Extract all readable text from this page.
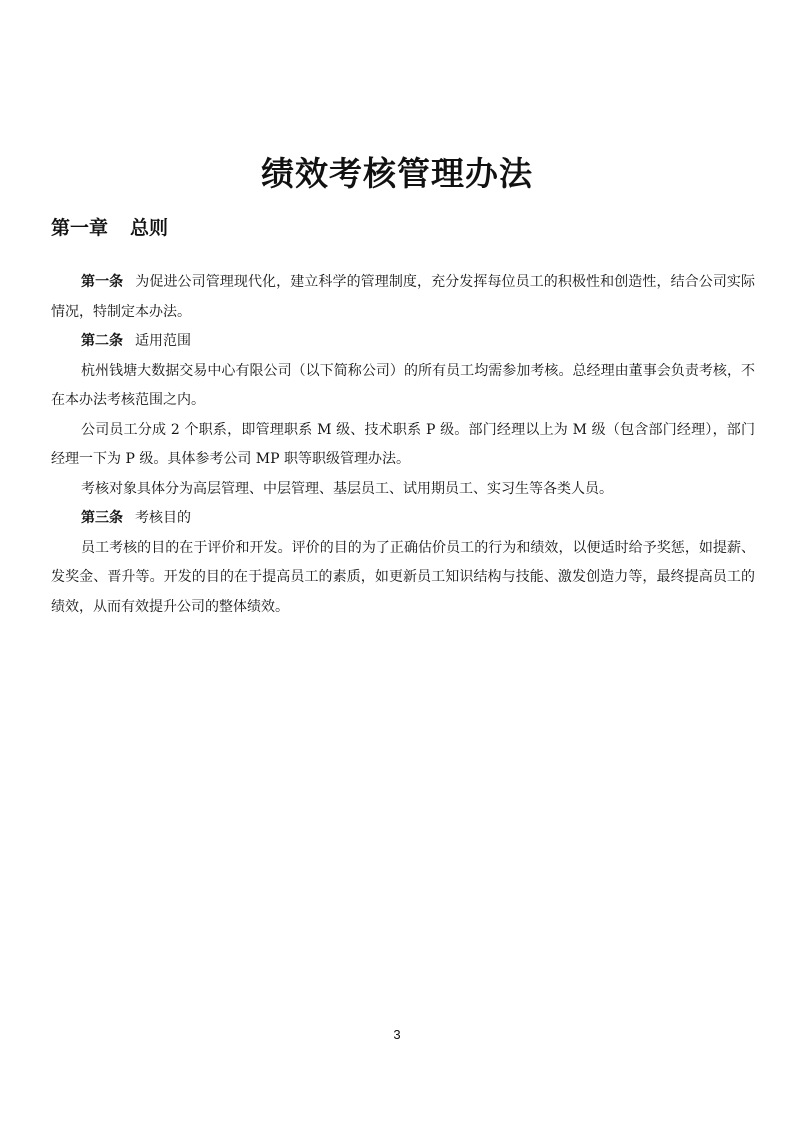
绩效考核管理办法
第一章 总则

第一条 为促进公司管理现代化，建立科学的管理制度，充分发挥每位员工的积极性和创造性，结合公司实际情况，特制定本办法。

第二条 适用范围

杭州钱塘大数据交易中心有限公司（以下简称公司）的所有员工均需参加考核。总经理由董事会负责考核，不在本办法考核范围之内。

公司员工分成 2 个职系，即管理职系 M 级、技术职系 P 级。部门经理以上为 M 级（包含部门经理），部门经理一下为 P 级。具体参考公司 MP 职等职级管理办法。

考核对象具体分为高层管理、中层管理、基层员工、试用期员工、实习生等各类人员。

第三条 考核目的

员工考核的目的在于评价和开发。评价的目的为了正确估价员工的行为和绩效，以便适时给予奖惩，如提薪、发奖金、晋升等。开发的目的在于提高员工的素质，如更新员工知识结构与技能、激发创造力等，最终提高员工的绩效，从而有效提升公司的整体绩效。

3
